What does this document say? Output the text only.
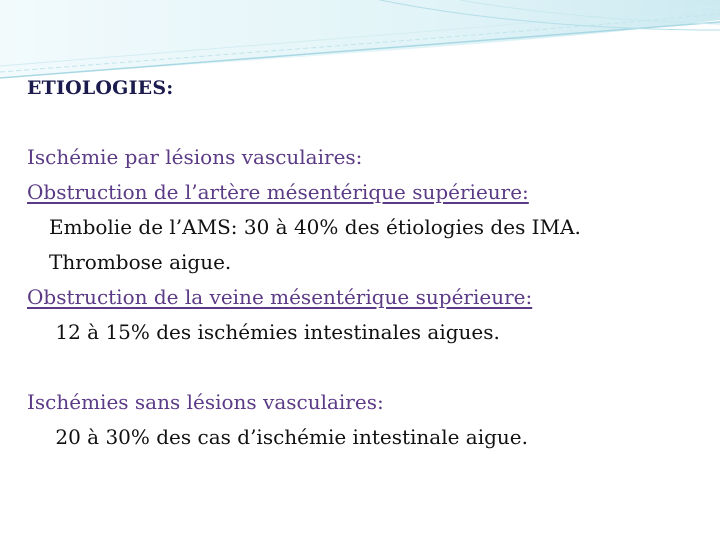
ETIOLOGIES:
Ischémie par lésions vasculaires:
Obstruction de l’artère mésentérique supérieure:
Embolie de l’AMS: 30 à 40% des étiologies des IMA.
Thrombose aigue.
Obstruction de la veine mésentérique supérieure:
12 à 15% des ischémies intestinales aigues.
Ischémies sans lésions vasculaires:
20 à 30% des cas d’ischémie intestinale aigue.
